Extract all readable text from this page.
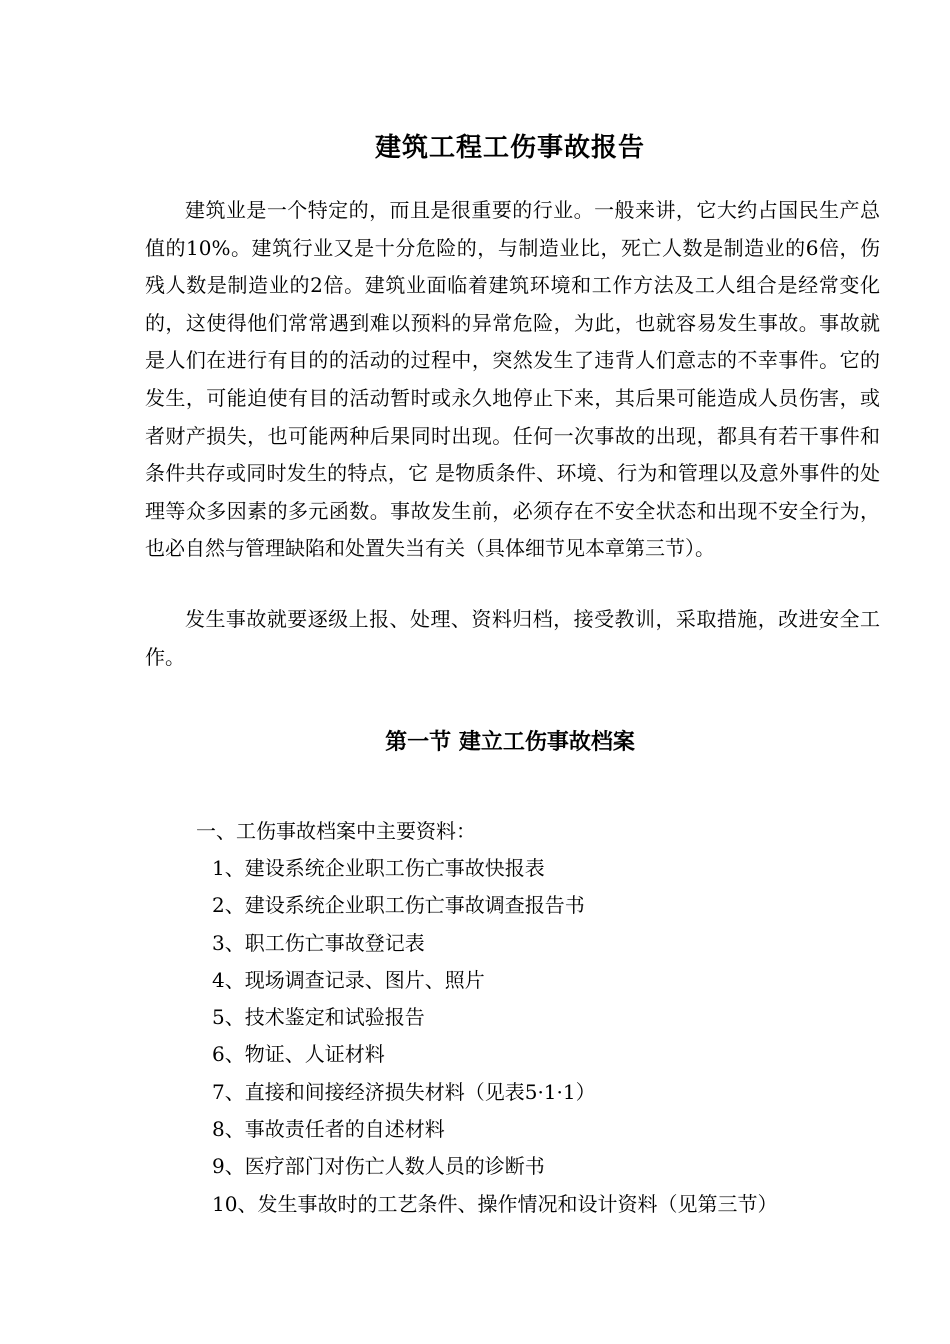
建筑工程工伤事故报告

建筑业是一个特定的，而且是很重要的行业。一般来讲，它大约占国民生产总值的10%。建筑行业又是十分危险的，与制造业比，死亡人数是制造业的6倍，伤残人数是制造业的2倍。建筑业面临着建筑环境和工作方法及工人组合是经常变化的，这使得他们常常遇到难以预料的异常危险，为此，也就容易发生事故。事故就是人们在进行有目的的活动的过程中，突然发生了违背人们意志的不幸事件。它的发生，可能迫使有目的活动暂时或永久地停止下来，其后果可能造成人员伤害，或者财产损失，也可能两种后果同时出现。任何一次事故的出现，都具有若干事件和条件共存或同时发生的特点，它 是物质条件、环境、行为和管理以及意外事件的处理等众多因素的多元函数。事故发生前，必须存在不安全状态和出现不安全行为，也必自然与管理缺陷和处置失当有关（具体细节见本章第三节）。

发生事故就要逐级上报、处理、资料归档，接受教训，采取措施，改进安全工作。

第一节 建立工伤事故档案

一、工伤事故档案中主要资料：

1、建设系统企业职工伤亡事故快报表
2、建设系统企业职工伤亡事故调查报告书
3、职工伤亡事故登记表
4、现场调查记录、图片、照片
5、技术鉴定和试验报告
6、物证、人证材料
7、直接和间接经济损失材料（见表5·1·1）
8、事故责任者的自述材料
9、医疗部门对伤亡人数人员的诊断书
10、发生事故时的工艺条件、操作情况和设计资料（见第三节）
